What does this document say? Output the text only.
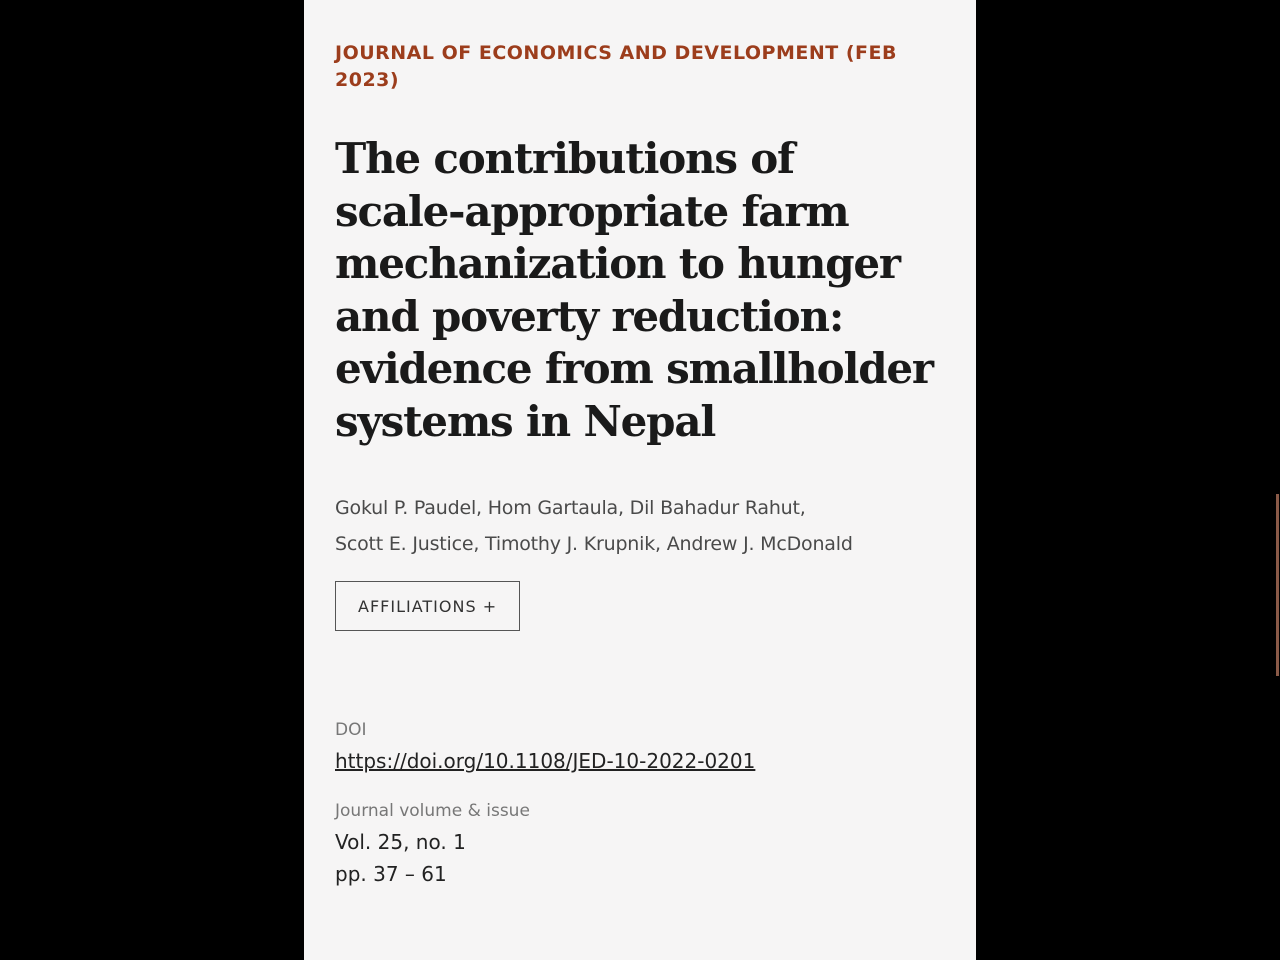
JOURNAL OF ECONOMICS AND DEVELOPMENT (FEB
2023)

The contributions of scale-appropriate farm mechanization to hunger and poverty reduction: evidence from smallholder systems in Nepal

Gokul P. Paudel, Hom Gartaula, Dil Bahadur Rahut,
Scott E. Justice, Timothy J. Krupnik, Andrew J. McDonald

AFFILIATIONS +

DOI

https://doi.org/10.1108/JED-10-2022-0201

Journal volume & issue

Vol. 25, no. 1

pp. 37 – 61
